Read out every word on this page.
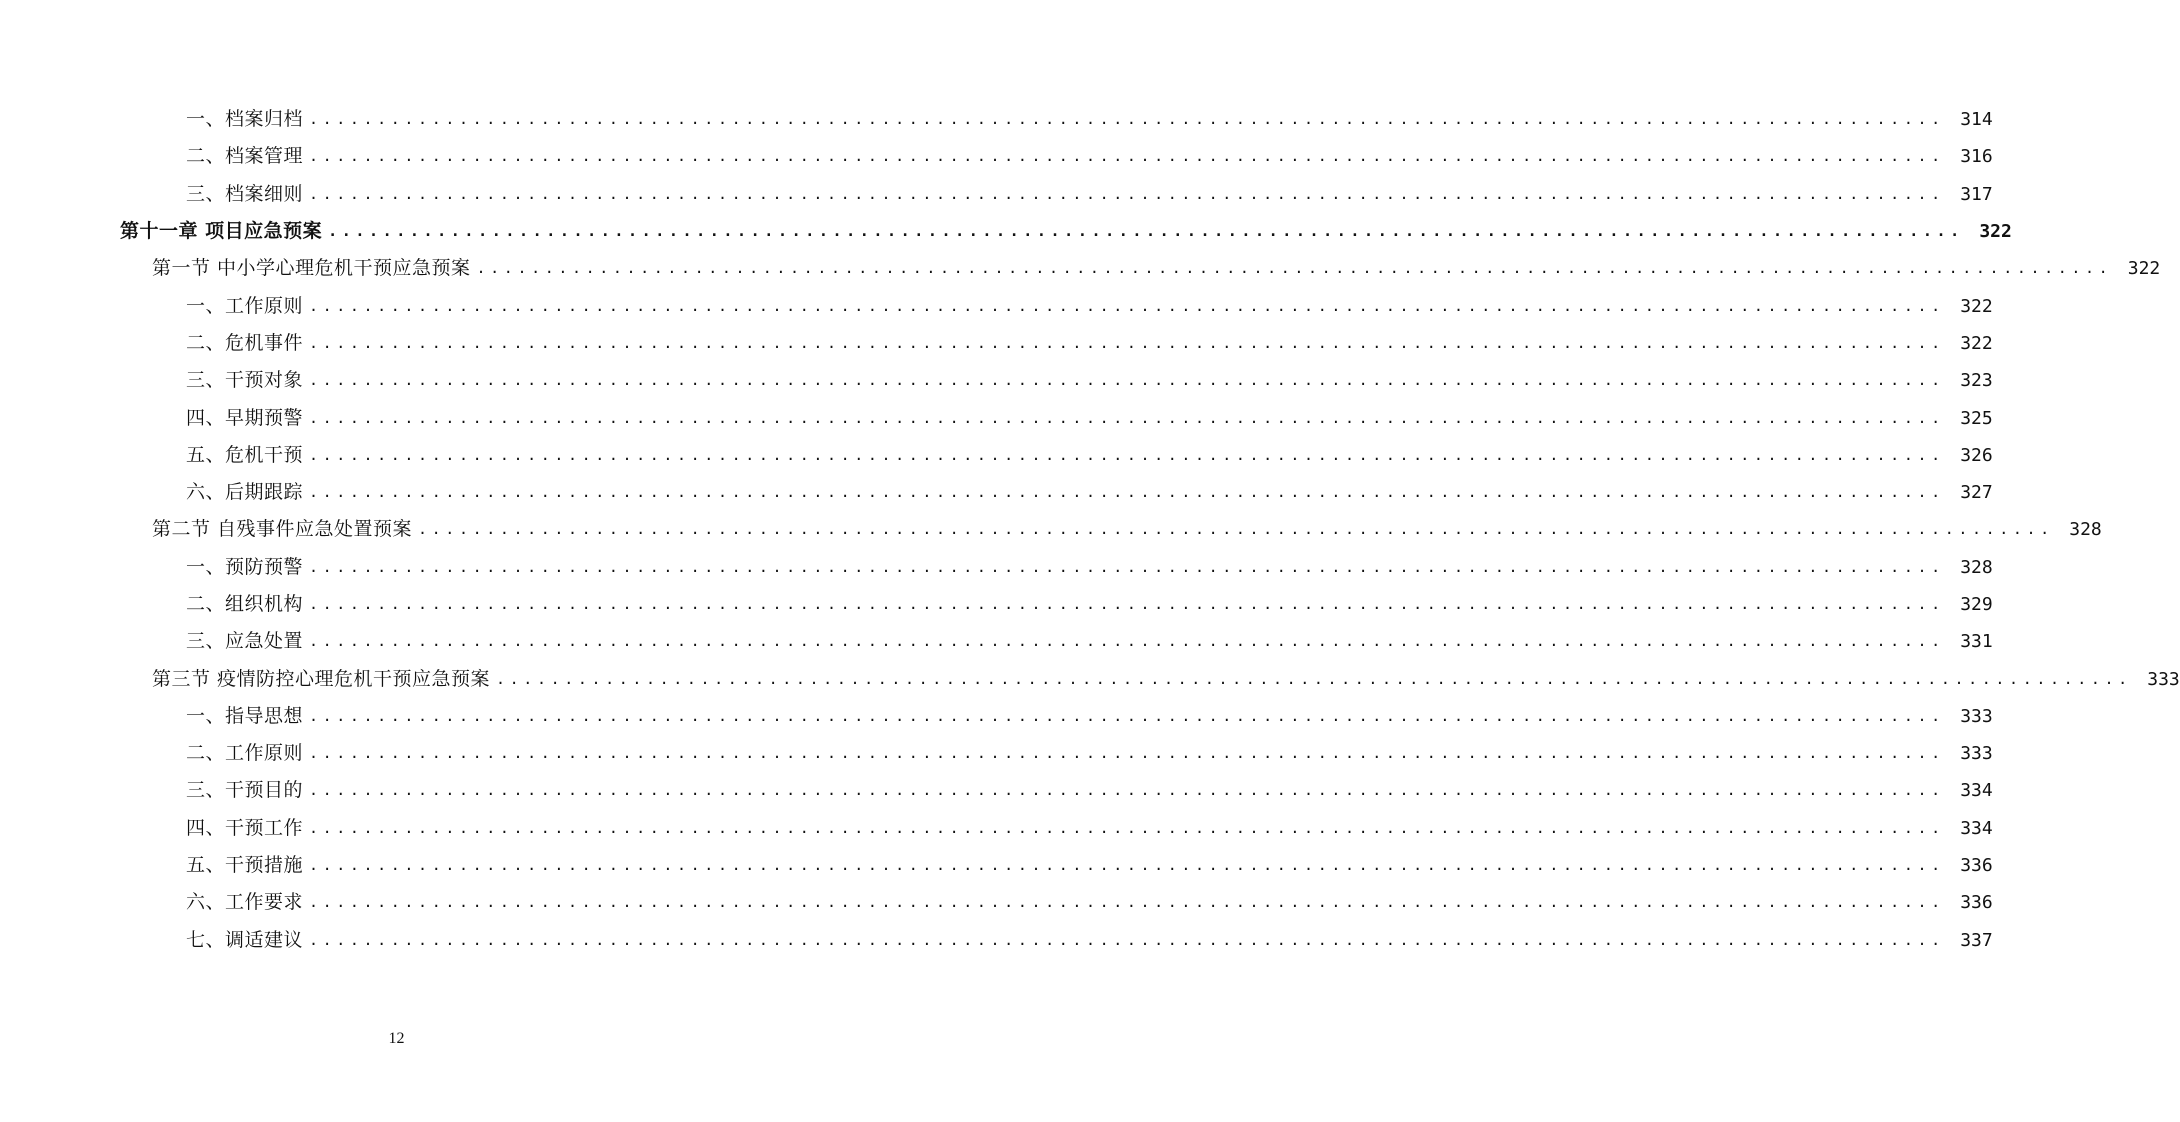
一、档案归档 ........................................................................................................................ 314
二、档案管理 ........................................................................................................................ 316
三、档案细则 ........................................................................................................................ 317
第十一章 项目应急预案 ........................................................................................................................ 322
第一节 中小学心理危机干预应急预案 ........................................................................................................................ 322
一、工作原则 ........................................................................................................................ 322
二、危机事件 ........................................................................................................................ 322
三、干预对象 ........................................................................................................................ 323
四、早期预警 ........................................................................................................................ 325
五、危机干预 ........................................................................................................................ 326
六、后期跟踪 ........................................................................................................................ 327
第二节 自残事件应急处置预案 ........................................................................................................................ 328
一、预防预警 ........................................................................................................................ 328
二、组织机构 ........................................................................................................................ 329
三、应急处置 ........................................................................................................................ 331
第三节 疫情防控心理危机干预应急预案 ........................................................................................................................ 333
一、指导思想 ........................................................................................................................ 333
二、工作原则 ........................................................................................................................ 333
三、干预目的 ........................................................................................................................ 334
四、干预工作 ........................................................................................................................ 334
五、干预措施 ........................................................................................................................ 336
六、工作要求 ........................................................................................................................ 336
七、调适建议 ........................................................................................................................ 337
12
